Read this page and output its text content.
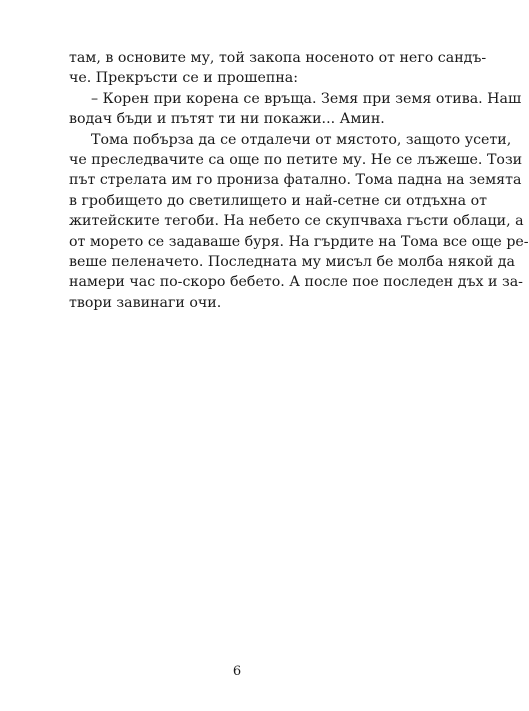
там, в основите му, той закопа носеното от него сандъ-
че. Прекръсти се и прошепна:

– Корен при корена се връща. Земя при земя отива. Наш
водач бъди и пътят ти ни покажи... Амин.

Тома побърза да се отдалечи от мястото, защото усети,
че преследвачите са още по петите му. Не се лъжеше. Този
път стрелата им го прониза фатално. Тома падна на земята
в гробището до светилището и най-сетне си отдъхна от
житейските тегоби. На небето се скупчваха гъсти облаци, а
от морето се задаваше буря. На гърдите на Тома все още ре-
веше пеленачето. Последната му мисъл бе молба някой да
намери час по-скоро бебето. А после пое последен дъх и за-
твори завинаги очи.

6
